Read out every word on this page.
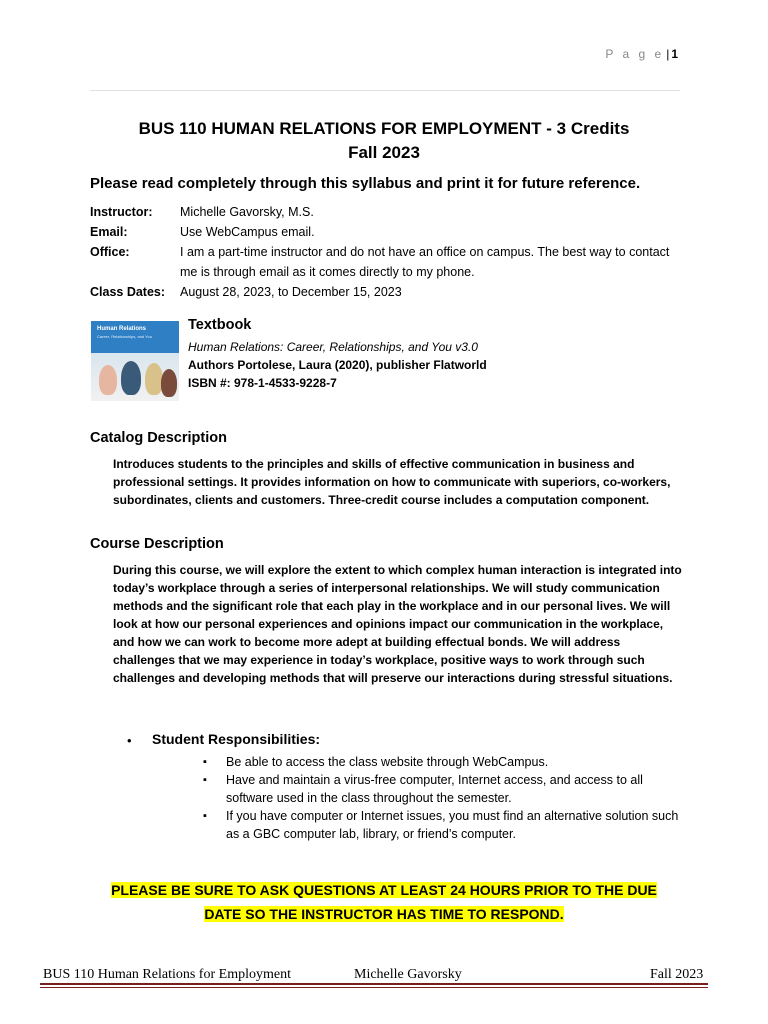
P a g e | 1
BUS 110 HUMAN RELATIONS FOR EMPLOYMENT - 3 Credits
Fall 2023
Please read completely through this syllabus and print it for future reference.
Instructor:	Michelle Gavorsky, M.S.
Email:	Use WebCampus email.
Office:	I am a part-time instructor and do not have an office on campus. The best way to contact me is through email as it comes directly to my phone.
Class Dates:	August 28, 2023, to December 15, 2023
Human Relations
Career, Relationships, and You
Textbook
Human Relations: Career, Relationships, and You v3.0
Authors Portolese, Laura (2020), publisher Flatworld
ISBN #: 978-1-4533-9228-7
Catalog Description
Introduces students to the principles and skills of effective communication in business and professional settings. It provides information on how to communicate with superiors, co-workers, subordinates, clients and customers. Three-credit course includes a computation component.
Course Description
During this course, we will explore the extent to which complex human interaction is integrated into today’s workplace through a series of interpersonal relationships. We will study communication methods and the significant role that each play in the workplace and in our personal lives. We will look at how our personal experiences and opinions impact our communication in the workplace, and how we can work to become more adept at building effectual bonds. We will address challenges that we may experience in today’s workplace, positive ways to work through such challenges and developing methods that will preserve our interactions during stressful situations.
• Student Responsibilities:
▪ Be able to access the class website through WebCampus.
▪ Have and maintain a virus-free computer, Internet access, and access to all software used in the class throughout the semester.
▪ If you have computer or Internet issues, you must find an alternative solution such as a GBC computer lab, library, or friend’s computer.
PLEASE BE SURE TO ASK QUESTIONS AT LEAST 24 HOURS PRIOR TO THE DUE
DATE SO THE INSTRUCTOR HAS TIME TO RESPOND.
BUS 110 Human Relations for Employment	Michelle Gavorsky	Fall 2023
